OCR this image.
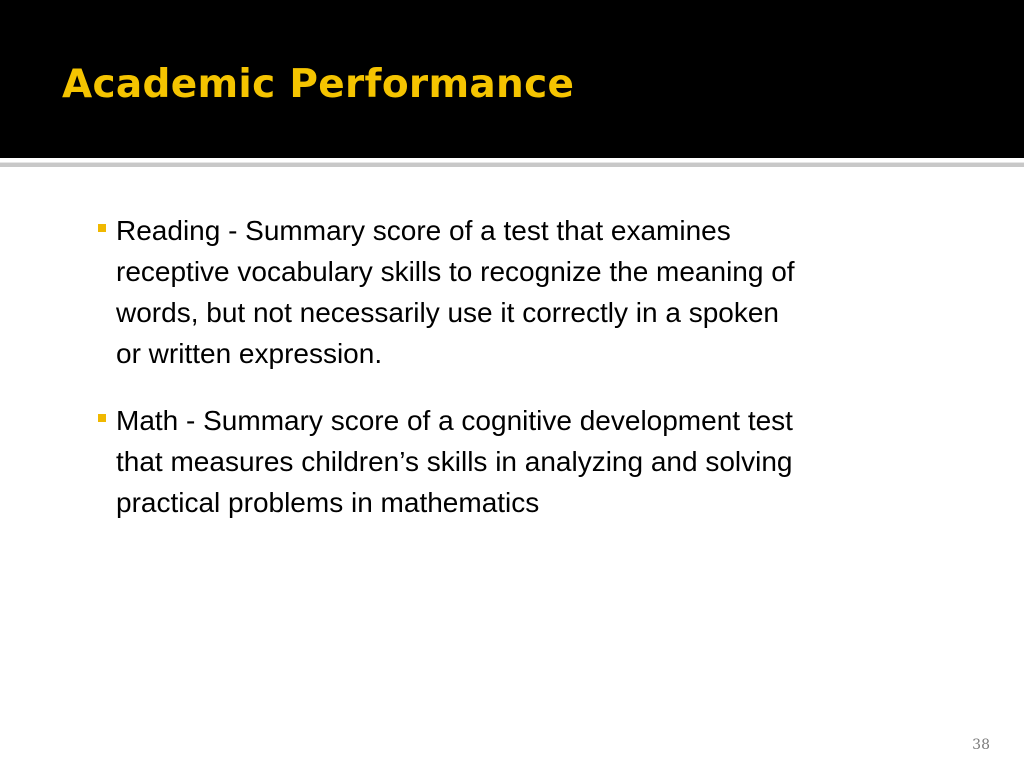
Academic Performance
Reading - Summary score of a test that examines
receptive vocabulary skills to recognize the meaning of
words, but not necessarily use it correctly in a spoken
or written expression.
Math - Summary score of a cognitive development test
that measures children’s skills in analyzing and solving
practical problems in mathematics
38
